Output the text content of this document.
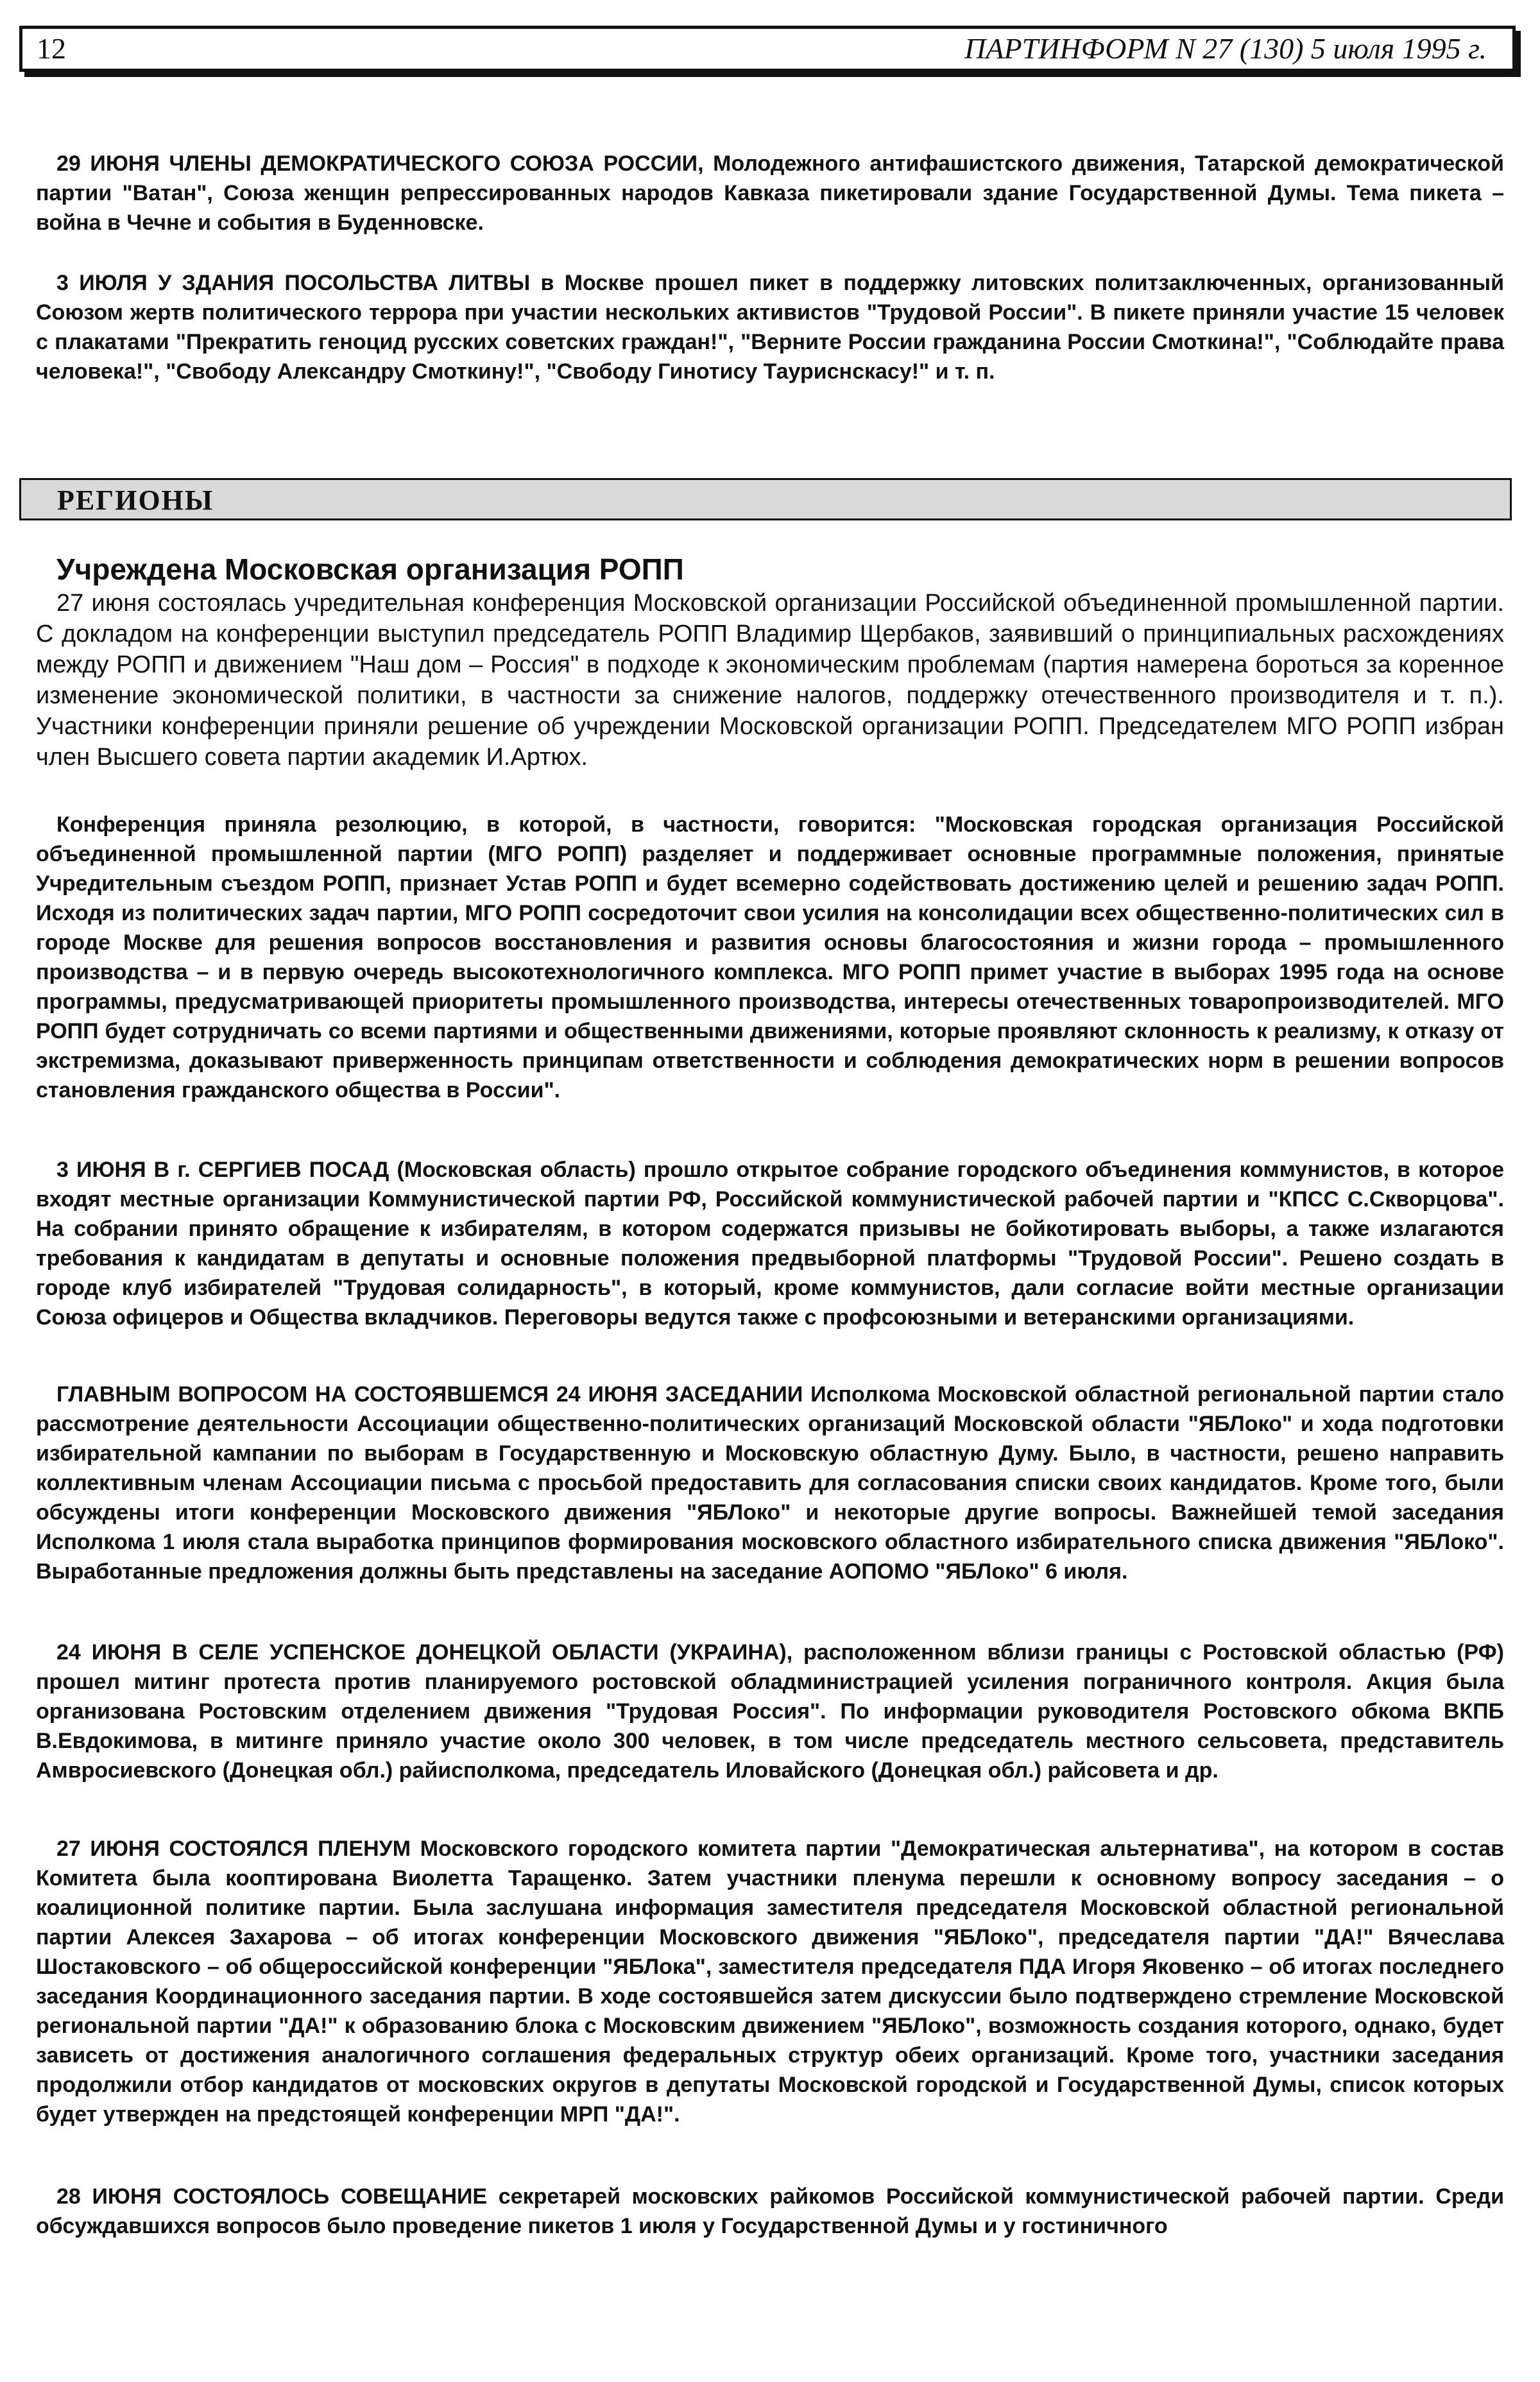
12	ПАРТИНФОРМ N 27 (130) 5 июля 1995 г.

29 ИЮНЯ ЧЛЕНЫ ДЕМОКРАТИЧЕСКОГО СОЮЗА РОССИИ, Молодежного антифашистского движения, Татарской демократической партии "Ватан", Союза женщин репрессированных народов Кавказа пикетировали здание Государственной Думы. Тема пикета – война в Чечне и события в Буденновске.

3 ИЮЛЯ У ЗДАНИЯ ПОСОЛЬСТВА ЛИТВЫ в Москве прошел пикет в поддержку литовских политзаключенных, организованный Союзом жертв политического террора при участии нескольких активистов "Трудовой России". В пикете приняли участие 15 человек с плакатами "Прекратить геноцид русских советских граждан!", "Верните России гражданина России Смоткина!", "Соблюдайте права человека!", "Свободу Александру Смоткину!", "Свободу Гинотису Тауриснскасу!" и т. п.

РЕГИОНЫ
Учреждена Московская организация РОПП

27 июня состоялась учредительная конференция Московской организации Российской объединенной промышленной партии. С докладом на конференции выступил председатель РОПП Владимир Щербаков, заявивший о принципиальных расхождениях между РОПП и движением "Наш дом – Россия" в подходе к экономическим проблемам (партия намерена бороться за коренное изменение экономической политики, в частности за снижение налогов, поддержку отечественного производителя и т. п.). Участники конференции приняли решение об учреждении Московской организации РОПП. Председателем МГО РОПП избран член Высшего совета партии академик И.Артюх.

Конференция приняла резолюцию, в которой, в частности, говорится: "Московская городская организация Российской объединенной промышленной партии (МГО РОПП) разделяет и поддерживает основные программные положения, принятые Учредительным съездом РОПП, признает Устав РОПП и будет всемерно содействовать достижению целей и решению задач РОПП. Исходя из политических задач партии, МГО РОПП сосредоточит свои усилия на консолидации всех общественно-политических сил в городе Москве для решения вопросов восстановления и развития основы благосостояния и жизни города – промышленного производства – и в первую очередь высокотехнологичного комплекса. МГО РОПП примет участие в выборах 1995 года на основе программы, предусматривающей приоритеты промышленного производства, интересы отечественных товаропроизводителей. МГО РОПП будет сотрудничать со всеми партиями и общественными движениями, которые проявляют склонность к реализму, к отказу от экстремизма, доказывают приверженность принципам ответственности и соблюдения демократических норм в решении вопросов становления гражданского общества в России".

3 ИЮНЯ В г. СЕРГИЕВ ПОСАД (Московская область) прошло открытое собрание городского объединения коммунистов, в которое входят местные организации Коммунистической партии РФ, Российской коммунистической рабочей партии и "КПСС С.Скворцова". На собрании принято обращение к избирателям, в котором содержатся призывы не бойкотировать выборы, а также излагаются требования к кандидатам в депутаты и основные положения предвыборной платформы "Трудовой России". Решено создать в городе клуб избирателей "Трудовая солидарность", в который, кроме коммунистов, дали согласие войти местные организации Союза офицеров и Общества вкладчиков. Переговоры ведутся также с профсоюзными и ветеранскими организациями.

ГЛАВНЫМ ВОПРОСОМ НА СОСТОЯВШЕМСЯ 24 ИЮНЯ ЗАСЕДАНИИ Исполкома Московской областной региональной партии стало рассмотрение деятельности Ассоциации общественно-политических организаций Московской области "ЯБЛоко" и хода подготовки избирательной кампании по выборам в Государственную и Московскую областную Думу. Было, в частности, решено направить коллективным членам Ассоциации письма с просьбой предоставить для согласования списки своих кандидатов. Кроме того, были обсуждены итоги конференции Московского движения "ЯБЛоко" и некоторые другие вопросы. Важнейшей темой заседания Исполкома 1 июля стала выработка принципов формирования московского областного избирательного списка движения "ЯБЛоко". Выработанные предложения должны быть представлены на заседание АОПОМО "ЯБЛоко" 6 июля.

24 ИЮНЯ В СЕЛЕ УСПЕНСКОЕ ДОНЕЦКОЙ ОБЛАСТИ (УКРАИНА), расположенном вблизи границы с Ростовской областью (РФ) прошел митинг протеста против планируемого ростовской обладминистрацией усиления пограничного контроля. Акция была организована Ростовским отделением движения "Трудовая Россия". По информации руководителя Ростовского обкома ВКПБ В.Евдокимова, в митинге приняло участие около 300 человек, в том числе председатель местного сельсовета, представитель Амвросиевского (Донецкая обл.) райисполкома, председатель Иловайского (Донецкая обл.) райсовета и др.

27 ИЮНЯ СОСТОЯЛСЯ ПЛЕНУМ Московского городского комитета партии "Демократическая альтернатива", на котором в состав Комитета была кооптирована Виолетта Таращенко. Затем участники пленума перешли к основному вопросу заседания – о коалиционной политике партии. Была заслушана информация заместителя председателя Московской областной региональной партии Алексея Захарова – об итогах конференции Московского движения "ЯБЛоко", председателя партии "ДА!" Вячеслава Шостаковского – об общероссийской конференции "ЯБЛока", заместителя председателя ПДА Игоря Яковенко – об итогах последнего заседания Координационного заседания партии. В ходе состоявшейся затем дискуссии было подтверждено стремление Московской региональной партии "ДА!" к образованию блока с Московским движением "ЯБЛоко", возможность создания которого, однако, будет зависеть от достижения аналогичного соглашения федеральных структур обеих организаций. Кроме того, участники заседания продолжили отбор кандидатов от московских округов в депутаты Московской городской и Государственной Думы, список которых будет утвержден на предстоящей конференции МРП "ДА!".

28 ИЮНЯ СОСТОЯЛОСЬ СОВЕЩАНИЕ секретарей московских райкомов Российской коммунистической рабочей партии. Среди обсуждавшихся вопросов было проведение пикетов 1 июля у Государственной Думы и у гостиничного
